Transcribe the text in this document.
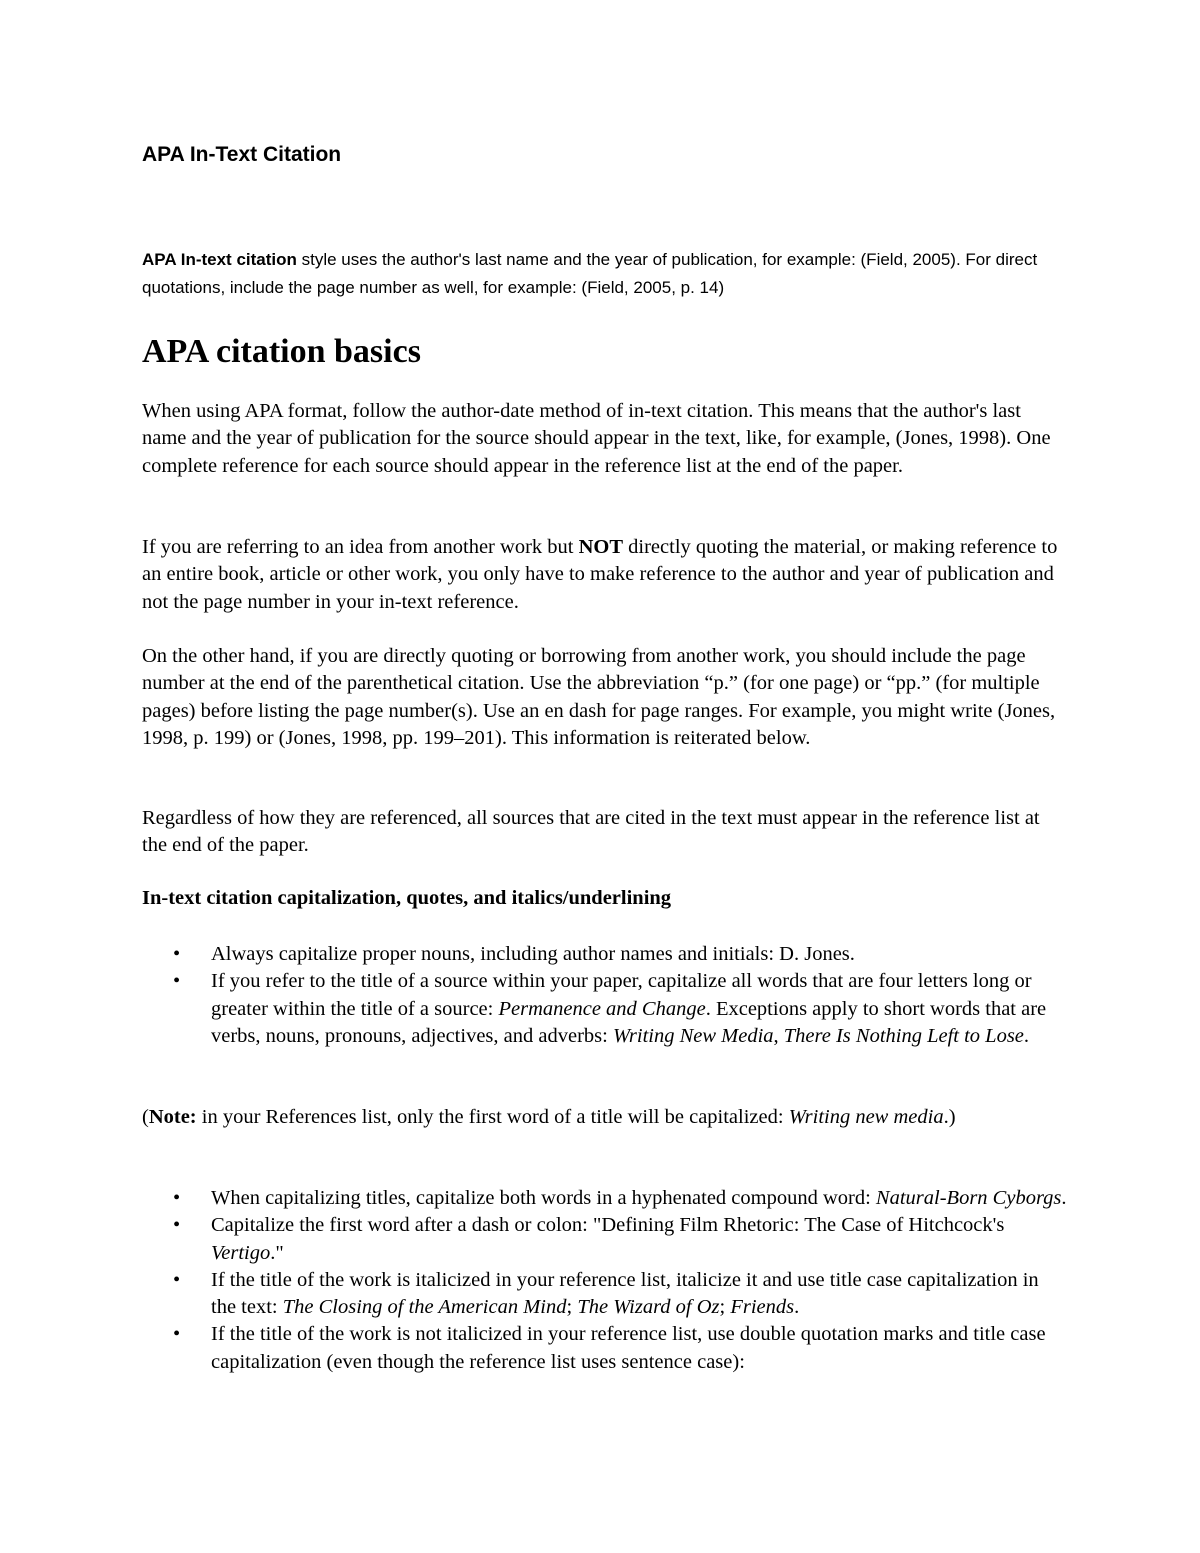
APA In-Text Citation

APA In-text citation style uses the author's last name and the year of publication, for example: (Field, 2005). For direct quotations, include the page number as well, for example: (Field, 2005, p. 14)

APA citation basics

When using APA format, follow the author-date method of in-text citation. This means that the author's last name and the year of publication for the source should appear in the text, like, for example, (Jones, 1998). One complete reference for each source should appear in the reference list at the end of the paper.

If you are referring to an idea from another work but NOT directly quoting the material, or making reference to an entire book, article or other work, you only have to make reference to the author and year of publication and not the page number in your in-text reference.

On the other hand, if you are directly quoting or borrowing from another work, you should include the page number at the end of the parenthetical citation. Use the abbreviation “p.” (for one page) or “pp.” (for multiple pages) before listing the page number(s). Use an en dash for page ranges. For example, you might write (Jones, 1998, p. 199) or (Jones, 1998, pp. 199–201). This information is reiterated below.

Regardless of how they are referenced, all sources that are cited in the text must appear in the reference list at the end of the paper.

In-text citation capitalization, quotes, and italics/underlining
• Always capitalize proper nouns, including author names and initials: D. Jones.
• If you refer to the title of a source within your paper, capitalize all words that are four letters long or greater within the title of a source: Permanence and Change. Exceptions apply to short words that are verbs, nouns, pronouns, adjectives, and adverbs: Writing New Media, There Is Nothing Left to Lose.

(Note: in your References list, only the first word of a title will be capitalized: Writing new media.)

• When capitalizing titles, capitalize both words in a hyphenated compound word: Natural-Born Cyborgs.
• Capitalize the first word after a dash or colon: "Defining Film Rhetoric: The Case of Hitchcock's Vertigo."
• If the title of the work is italicized in your reference list, italicize it and use title case capitalization in the text: The Closing of the American Mind; The Wizard of Oz; Friends.
• If the title of the work is not italicized in your reference list, use double quotation marks and title case capitalization (even though the reference list uses sentence case):
